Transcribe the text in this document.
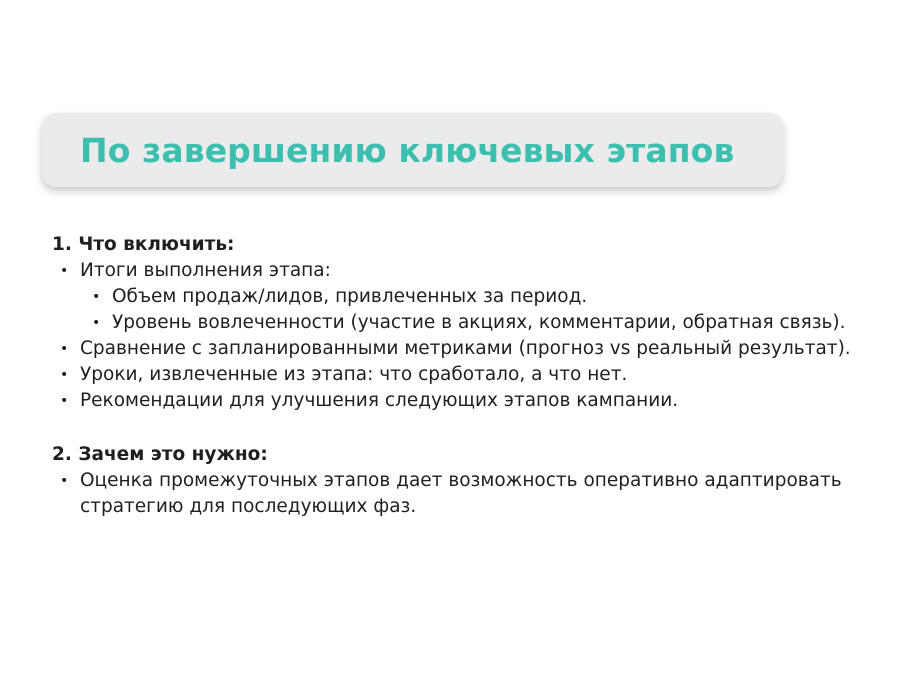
По завершению ключевых этапов
1. Что включить:
• Итоги выполнения этапа:
• Объем продаж/лидов, привлеченных за период.
• Уровень вовлеченности (участие в акциях, комментарии, обратная связь).
• Сравнение с запланированными метриками (прогноз vs реальный результат).
• Уроки, извлеченные из этапа: что сработало, а что нет.
• Рекомендации для улучшения следующих этапов кампании.
2. Зачем это нужно:
• Оценка промежуточных этапов дает возможность оперативно адаптировать стратегию для последующих фаз.
